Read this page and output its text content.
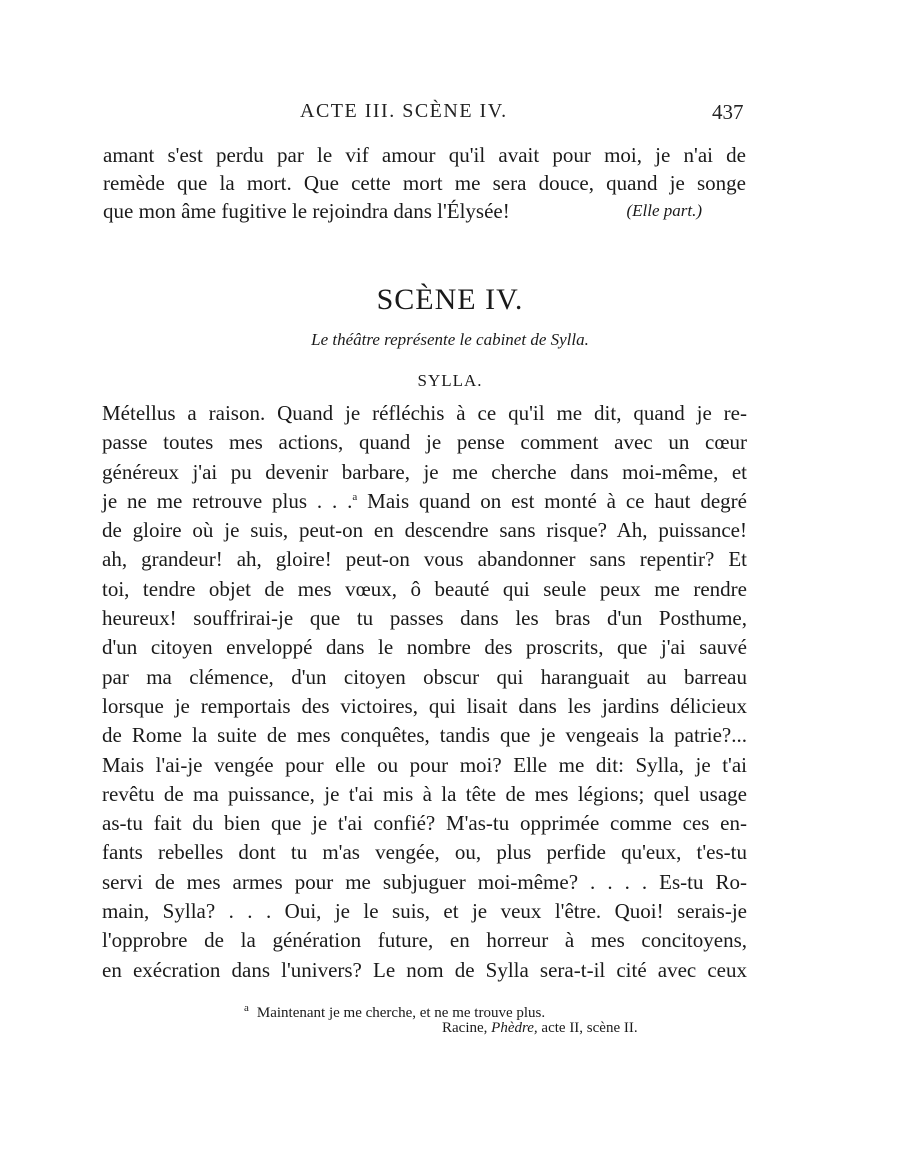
ACTE III. SCÈNE IV.	437
amant s'est perdu par le vif amour qu'il avait pour moi, je n'ai de
remède que la mort. Que cette mort me sera douce, quand je songe
que mon âme fugitive le rejoindra dans l'Élysée!	(Elle part.)
SCÈNE IV.
Le théâtre représente le cabinet de Sylla.
SYLLA.
Métellus a raison. Quand je réfléchis à ce qu'il me dit, quand je re-
passe toutes mes actions, quand je pense comment avec un cœur
généreux j'ai pu devenir barbare, je me cherche dans moi-même, et
je ne me retrouve plus . . .$^a$ Mais quand on est monté à ce haut degré
de gloire où je suis, peut-on en descendre sans risque? Ah, puissance!
ah, grandeur! ah, gloire! peut-on vous abandonner sans repentir? Et
toi, tendre objet de mes vœux, ô beauté qui seule peux me rendre
heureux! souffrirai-je que tu passes dans les bras d'un Posthume,
d'un citoyen enveloppé dans le nombre des proscrits, que j'ai sauvé
par ma clémence, d'un citoyen obscur qui haranguait au barreau
lorsque je remportais des victoires, qui lisait dans les jardins délicieux
de Rome la suite de mes conquêtes, tandis que je vengeais la patrie?...
Mais l'ai-je vengée pour elle ou pour moi? Elle me dit: Sylla, je t'ai
revêtu de ma puissance, je t'ai mis à la tête de mes légions; quel usage
as-tu fait du bien que je t'ai confié? M'as-tu opprimée comme ces en-
fants rebelles dont tu m'as vengée, ou, plus perfide qu'eux, t'es-tu
servi de mes armes pour me subjuguer moi-même? . . . . Es-tu Ro-
main, Sylla? . . . Oui, je le suis, et je veux l'être. Quoi! serais-je
l'opprobre de la génération future, en horreur à mes concitoyens,
en exécration dans l'univers? Le nom de Sylla sera-t-il cité avec ceux
$^a$ Maintenant je me cherche, et ne me trouve plus.
Racine, Phèdre, acte II, scène II.
